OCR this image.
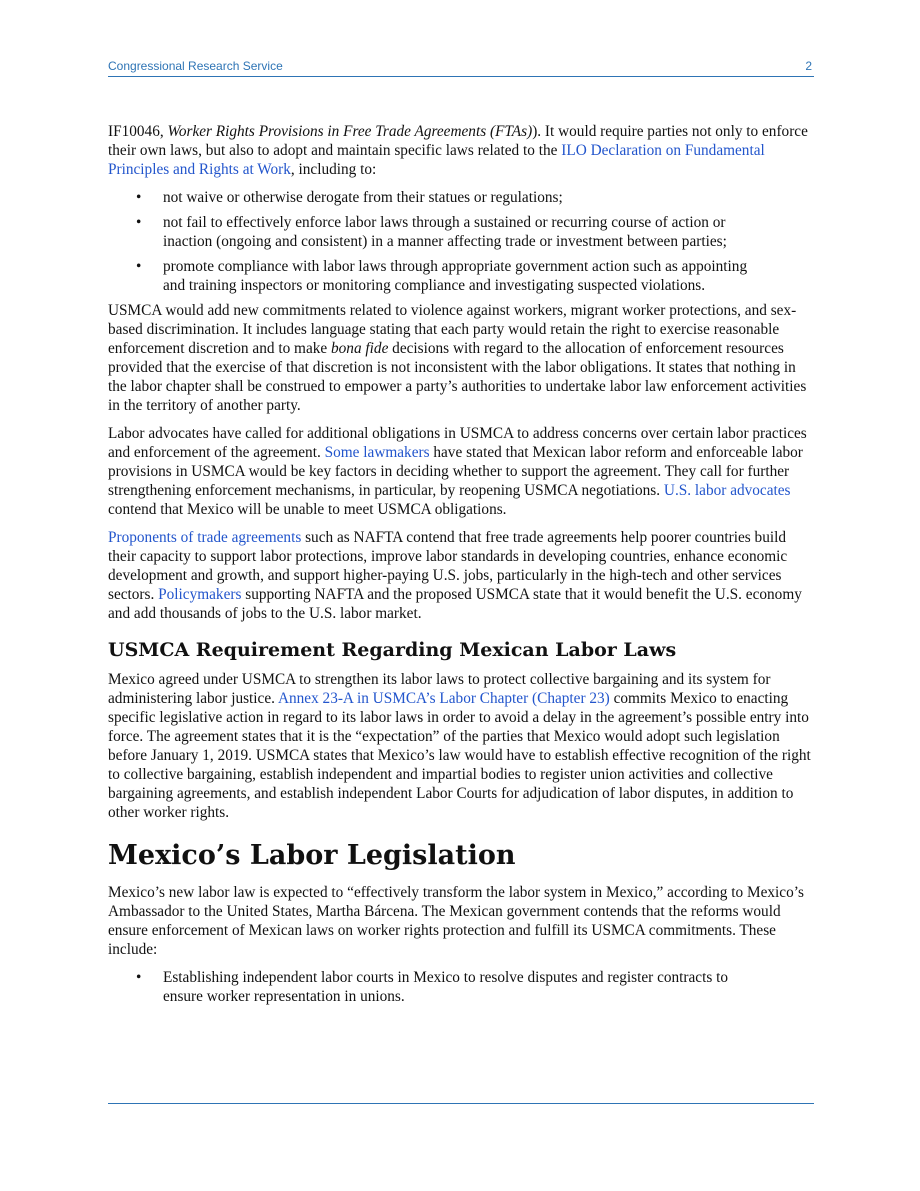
Congressional Research Service	2

IF10046, Worker Rights Provisions in Free Trade Agreements (FTAs)). It would require parties not only to enforce their own laws, but also to adopt and maintain specific laws related to the ILO Declaration on Fundamental Principles and Rights at Work, including to:

• not waive or otherwise derogate from their statues or regulations;
• not fail to effectively enforce labor laws through a sustained or recurring course of action or inaction (ongoing and consistent) in a manner affecting trade or investment between parties;
• promote compliance with labor laws through appropriate government action such as appointing and training inspectors or monitoring compliance and investigating suspected violations.

USMCA would add new commitments related to violence against workers, migrant worker protections, and sex-based discrimination. It includes language stating that each party would retain the right to exercise reasonable enforcement discretion and to make bona fide decisions with regard to the allocation of enforcement resources provided that the exercise of that discretion is not inconsistent with the labor obligations. It states that nothing in the labor chapter shall be construed to empower a party’s authorities to undertake labor law enforcement activities in the territory of another party.

Labor advocates have called for additional obligations in USMCA to address concerns over certain labor practices and enforcement of the agreement. Some lawmakers have stated that Mexican labor reform and enforceable labor provisions in USMCA would be key factors in deciding whether to support the agreement. They call for further strengthening enforcement mechanisms, in particular, by reopening USMCA negotiations. U.S. labor advocates contend that Mexico will be unable to meet USMCA obligations.

Proponents of trade agreements such as NAFTA contend that free trade agreements help poorer countries build their capacity to support labor protections, improve labor standards in developing countries, enhance economic development and growth, and support higher-paying U.S. jobs, particularly in the high-tech and other services sectors. Policymakers supporting NAFTA and the proposed USMCA state that it would benefit the U.S. economy and add thousands of jobs to the U.S. labor market.

USMCA Requirement Regarding Mexican Labor Laws

Mexico agreed under USMCA to strengthen its labor laws to protect collective bargaining and its system for administering labor justice. Annex 23-A in USMCA’s Labor Chapter (Chapter 23) commits Mexico to enacting specific legislative action in regard to its labor laws in order to avoid a delay in the agreement’s possible entry into force. The agreement states that it is the “expectation” of the parties that Mexico would adopt such legislation before January 1, 2019. USMCA states that Mexico’s law would have to establish effective recognition of the right to collective bargaining, establish independent and impartial bodies to register union activities and collective bargaining agreements, and establish independent Labor Courts for adjudication of labor disputes, in addition to other worker rights.

Mexico’s Labor Legislation

Mexico’s new labor law is expected to “effectively transform the labor system in Mexico,” according to Mexico’s Ambassador to the United States, Martha Bárcena. The Mexican government contends that the reforms would ensure enforcement of Mexican laws on worker rights protection and fulfill its USMCA commitments. These include:

• Establishing independent labor courts in Mexico to resolve disputes and register contracts to ensure worker representation in unions.
